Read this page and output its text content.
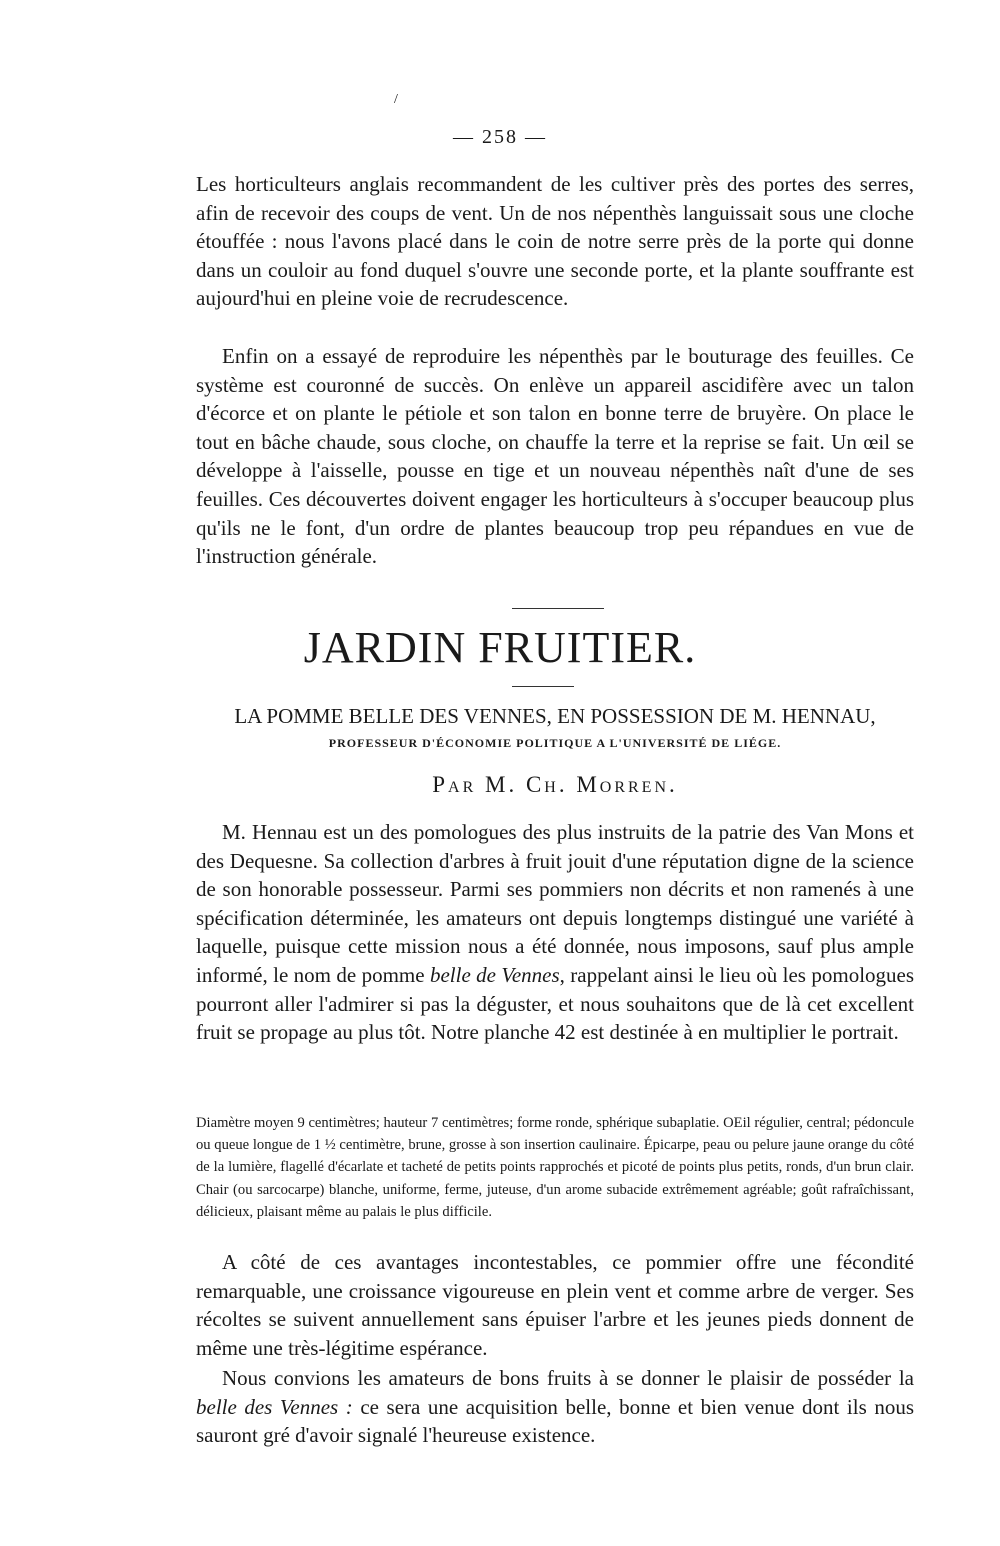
/
— 258 —

Les horticulteurs anglais recommandent de les cultiver près des portes des serres, afin de recevoir des coups de vent. Un de nos népenthès languissait sous une cloche étouffée : nous l'avons placé dans le coin de notre serre près de la porte qui donne dans un couloir au fond duquel s'ouvre une seconde porte, et la plante souffrante est aujourd'hui en pleine voie de recrudescence.

Enfin on a essayé de reproduire les népenthès par le bouturage des feuilles. Ce système est couronné de succès. On enlève un appareil ascidifère avec un talon d'écorce et on plante le pétiole et son talon en bonne terre de bruyère. On place le tout en bâche chaude, sous cloche, on chauffe la terre et la reprise se fait. Un œil se développe à l'aisselle, pousse en tige et un nouveau népenthès naît d'une de ses feuilles. Ces découvertes doivent engager les horticulteurs à s'occuper beaucoup plus qu'ils ne le font, d'un ordre de plantes beaucoup trop peu répandues en vue de l'instruction générale.

JARDIN FRUITIER.

LA POMME BELLE DES VENNES, EN POSSESSION DE M. HENNAU,

PROFESSEUR D'ÉCONOMIE POLITIQUE A L'UNIVERSITÉ DE LIÉGE.

Par M. Ch. Morren.

M. Hennau est un des pomologues des plus instruits de la patrie des Van Mons et des Dequesne. Sa collection d'arbres à fruit jouit d'une réputation digne de la science de son honorable possesseur. Parmi ses pommiers non décrits et non ramenés à une spécification déterminée, les amateurs ont depuis longtemps distingué une variété à laquelle, puisque cette mission nous a été donnée, nous imposons, sauf plus ample informé, le nom de pomme belle de Vennes, rappelant ainsi le lieu où les pomologues pourront aller l'admirer si pas la déguster, et nous souhaitons que de là cet excellent fruit se propage au plus tôt. Notre planche 42 est destinée à en multiplier le portrait.

Diamètre moyen 9 centimètres; hauteur 7 centimètres; forme ronde, sphérique subaplatie. OEil régulier, central; pédoncule ou queue longue de 1 ½ centimètre, brune, grosse à son insertion caulinaire. Épicarpe, peau ou pelure jaune orange du côté de la lumière, flagellé d'écarlate et tacheté de petits points rapprochés et picoté de points plus petits, ronds, d'un brun clair. Chair (ou sarcocarpe) blanche, uniforme, ferme, juteuse, d'un arome subacide extrêmement agréable; goût rafraîchissant, délicieux, plaisant même au palais le plus difficile.

A côté de ces avantages incontestables, ce pommier offre une fécondité remarquable, une croissance vigoureuse en plein vent et comme arbre de verger. Ses récoltes se suivent annuellement sans épuiser l'arbre et les jeunes pieds donnent de même une très-légitime espérance.

Nous convions les amateurs de bons fruits à se donner le plaisir de posséder la belle des Vennes : ce sera une acquisition belle, bonne et bien venue dont ils nous sauront gré d'avoir signalé l'heureuse existence.
